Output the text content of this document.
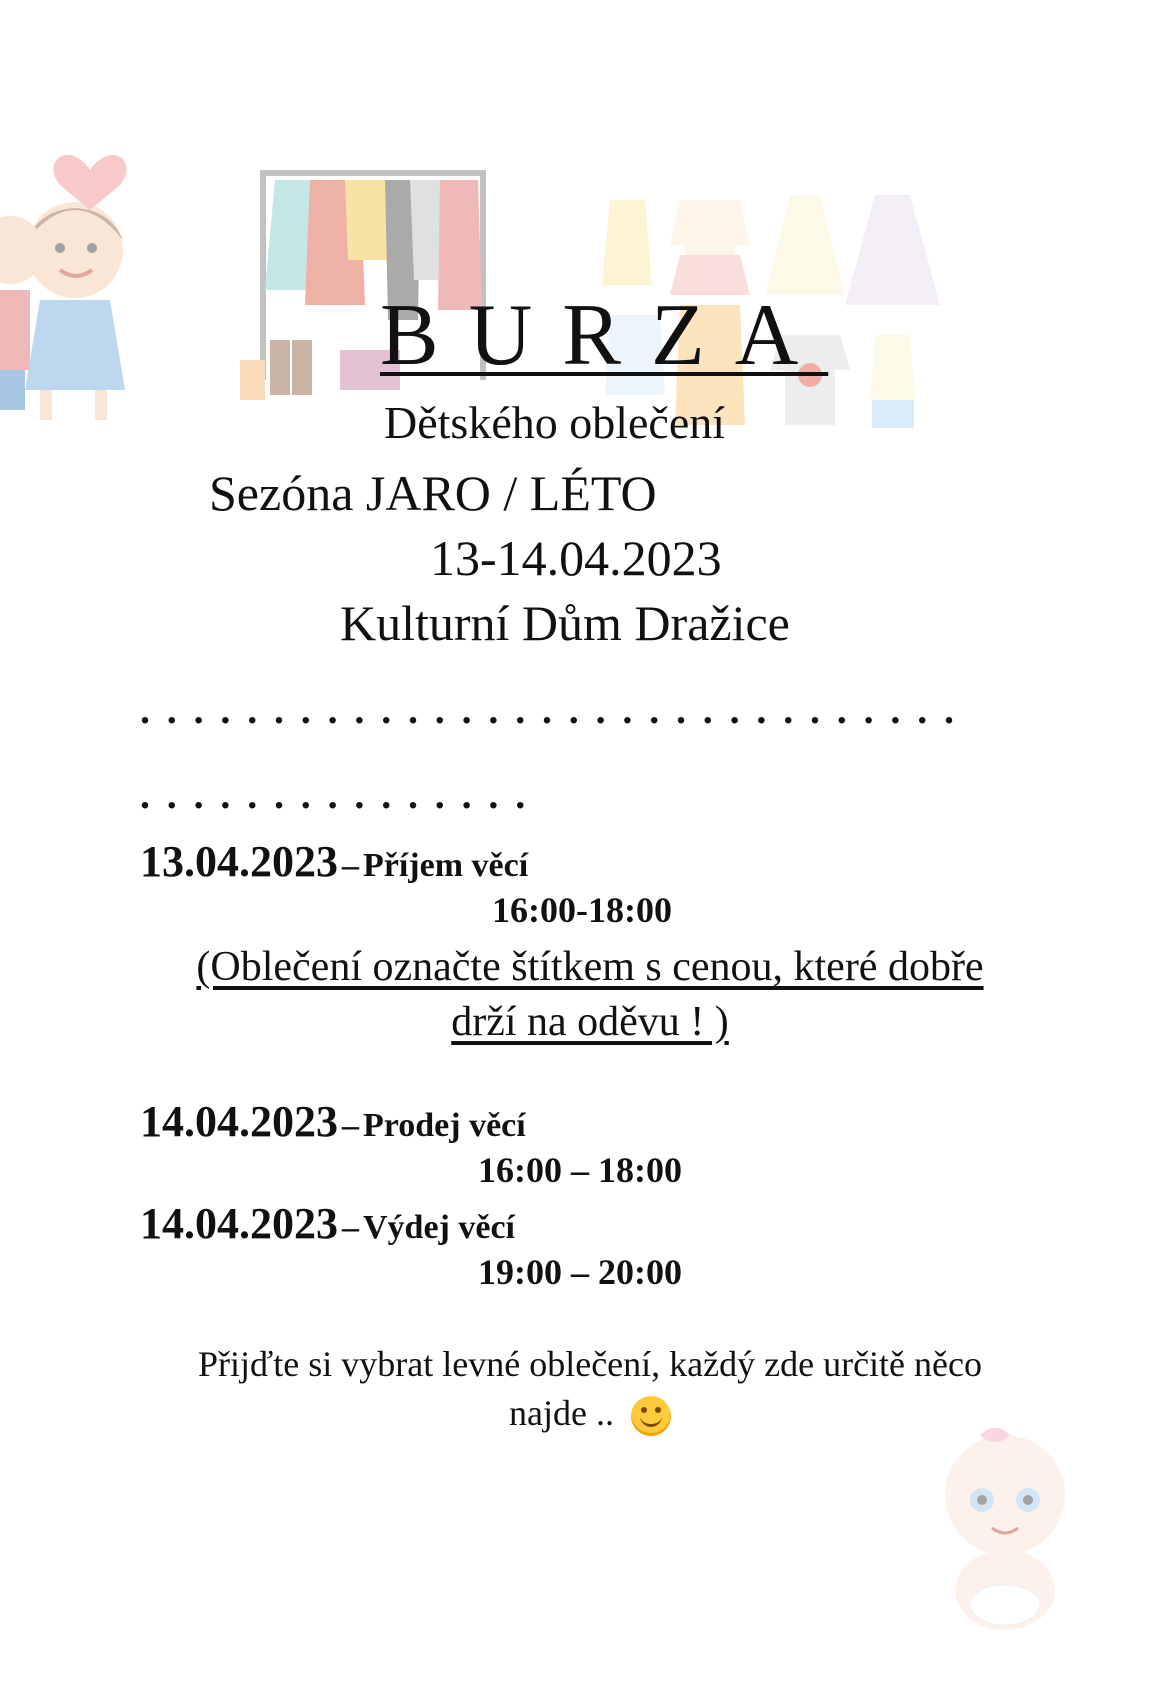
BURZA
Dětského oblečení
Sezóna JARO / LÉTO
13-14.04.2023
Kulturní Dům Dražice
...............................
...............
13.04.2023 – Příjem věcí
16:00-18:00
(Oblečení označte štítkem s cenou, které dobře
drží na oděvu ! )
14.04.2023 – Prodej věcí
16:00 – 18:00
14.04.2023 – Výdej věcí
19:00 – 20:00
Přijďte si vybrat levné oblečení, každý zde určitě něco
najde ..
